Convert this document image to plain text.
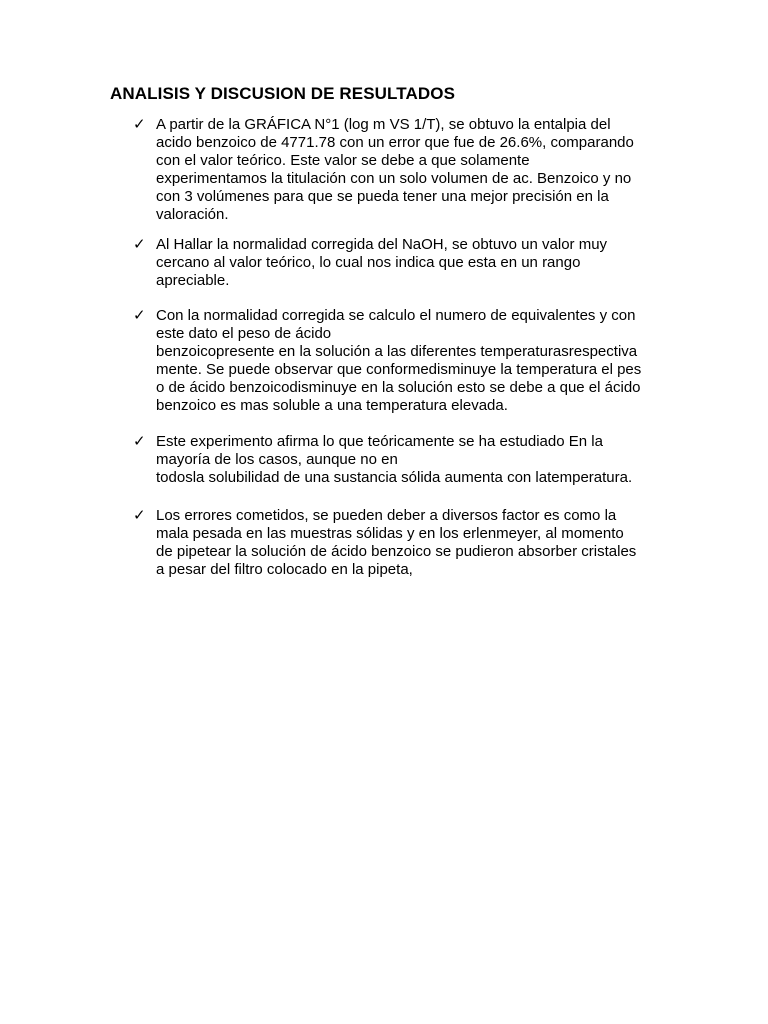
ANALISIS Y DISCUSION DE RESULTADOS
✓ A partir de la GRÁFICA N°1 (log m VS 1/T), se obtuvo la entalpia del
acido benzoico de 4771.78 con un error que fue de 26.6%, comparando
con el valor teórico. Este valor se debe a que solamente
experimentamos la titulación con un solo volumen de ac. Benzoico y no
con 3 volúmenes para que se pueda tener una mejor precisión en la
valoración.
✓ Al Hallar la normalidad corregida del NaOH, se obtuvo un valor muy
cercano al valor teórico, lo cual nos indica que esta en un rango
apreciable.
✓ Con la normalidad corregida se calculo el numero de equivalentes y con
este dato el peso de ácido
benzoicopresente en la solución a las diferentes temperaturasrespectiva
mente. Se puede observar que conformedisminuye la temperatura el pes
o de ácido benzoicodisminuye en la solución esto se debe a que el ácido
benzoico es mas soluble a una temperatura elevada.
✓ Este experimento afirma lo que teóricamente se ha estudiado En la
mayoría de los casos, aunque no en
todosla solubilidad de una sustancia sólida aumenta con latemperatura.
✓ Los errores cometidos, se pueden deber a diversos factor es como la
mala pesada en las muestras sólidas y en los erlenmeyer, al momento
de pipetear la solución de ácido benzoico se pudieron absorber cristales
a pesar del filtro colocado en la pipeta,
